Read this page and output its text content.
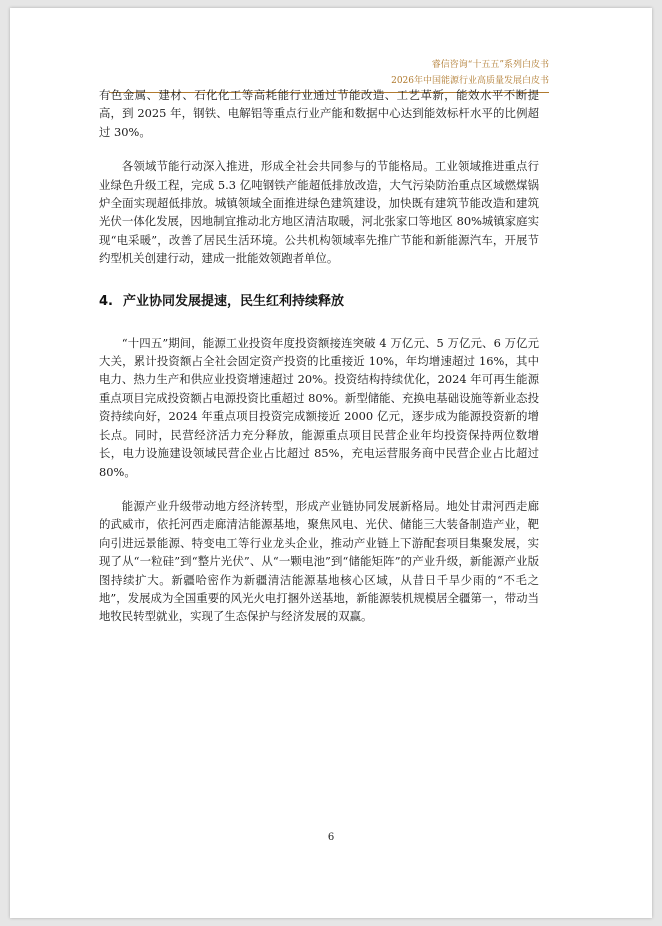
睿信咨询“十五五”系列白皮书
2026年中国能源行业高质量发展白皮书

有色金属、建材、石化化工等高耗能行业通过节能改造、工艺革新，能效水平不断提高，到 2025 年，钢铁、电解铝等重点行业产能和数据中心达到能效标杆水平的比例超过 30%。

各领域节能行动深入推进，形成全社会共同参与的节能格局。工业领域推进重点行业绿色升级工程，完成 5.3 亿吨钢铁产能超低排放改造，大气污染防治重点区域燃煤锅炉全面实现超低排放。城镇领域全面推进绿色建筑建设，加快既有建筑节能改造和建筑光伏一体化发展，因地制宜推动北方地区清洁取暖，河北张家口等地区 80%城镇家庭实现“电采暖”，改善了居民生活环境。公共机构领域率先推广节能和新能源汽车，开展节约型机关创建行动，建成一批能效领跑者单位。

4. 产业协同发展提速，民生红利持续释放

“十四五”期间，能源工业投资年度投资额接连突破 4 万亿元、5 万亿元、6 万亿元大关，累计投资额占全社会固定资产投资的比重接近 10%，年均增速超过 16%，其中电力、热力生产和供应业投资增速超过 20%。投资结构持续优化，2024 年可再生能源重点项目完成投资额占电源投资比重超过 80%。新型储能、充换电基础设施等新业态投资持续向好，2024 年重点项目投资完成额接近 2000 亿元，逐步成为能源投资新的增长点。同时，民营经济活力充分释放，能源重点项目民营企业年均投资保持两位数增长，电力设施建设领域民营企业占比超过 85%，充电运营服务商中民营企业占比超过 80%。

能源产业升级带动地方经济转型，形成产业链协同发展新格局。地处甘肃河西走廊的武威市，依托河西走廊清洁能源基地，聚焦风电、光伏、储能三大装备制造产业，靶向引进远景能源、特变电工等行业龙头企业，推动产业链上下游配套项目集聚发展，实现了从“一粒硅”到“整片光伏”、从“一颗电池”到“储能矩阵”的产业升级，新能源产业版图持续扩大。新疆哈密作为新疆清洁能源基地核心区域，从昔日千旱少雨的“不毛之地”，发展成为全国重要的风光火电打捆外送基地，新能源装机规模居全疆第一，带动当地牧民转型就业，实现了生态保护与经济发展的双赢。

6
